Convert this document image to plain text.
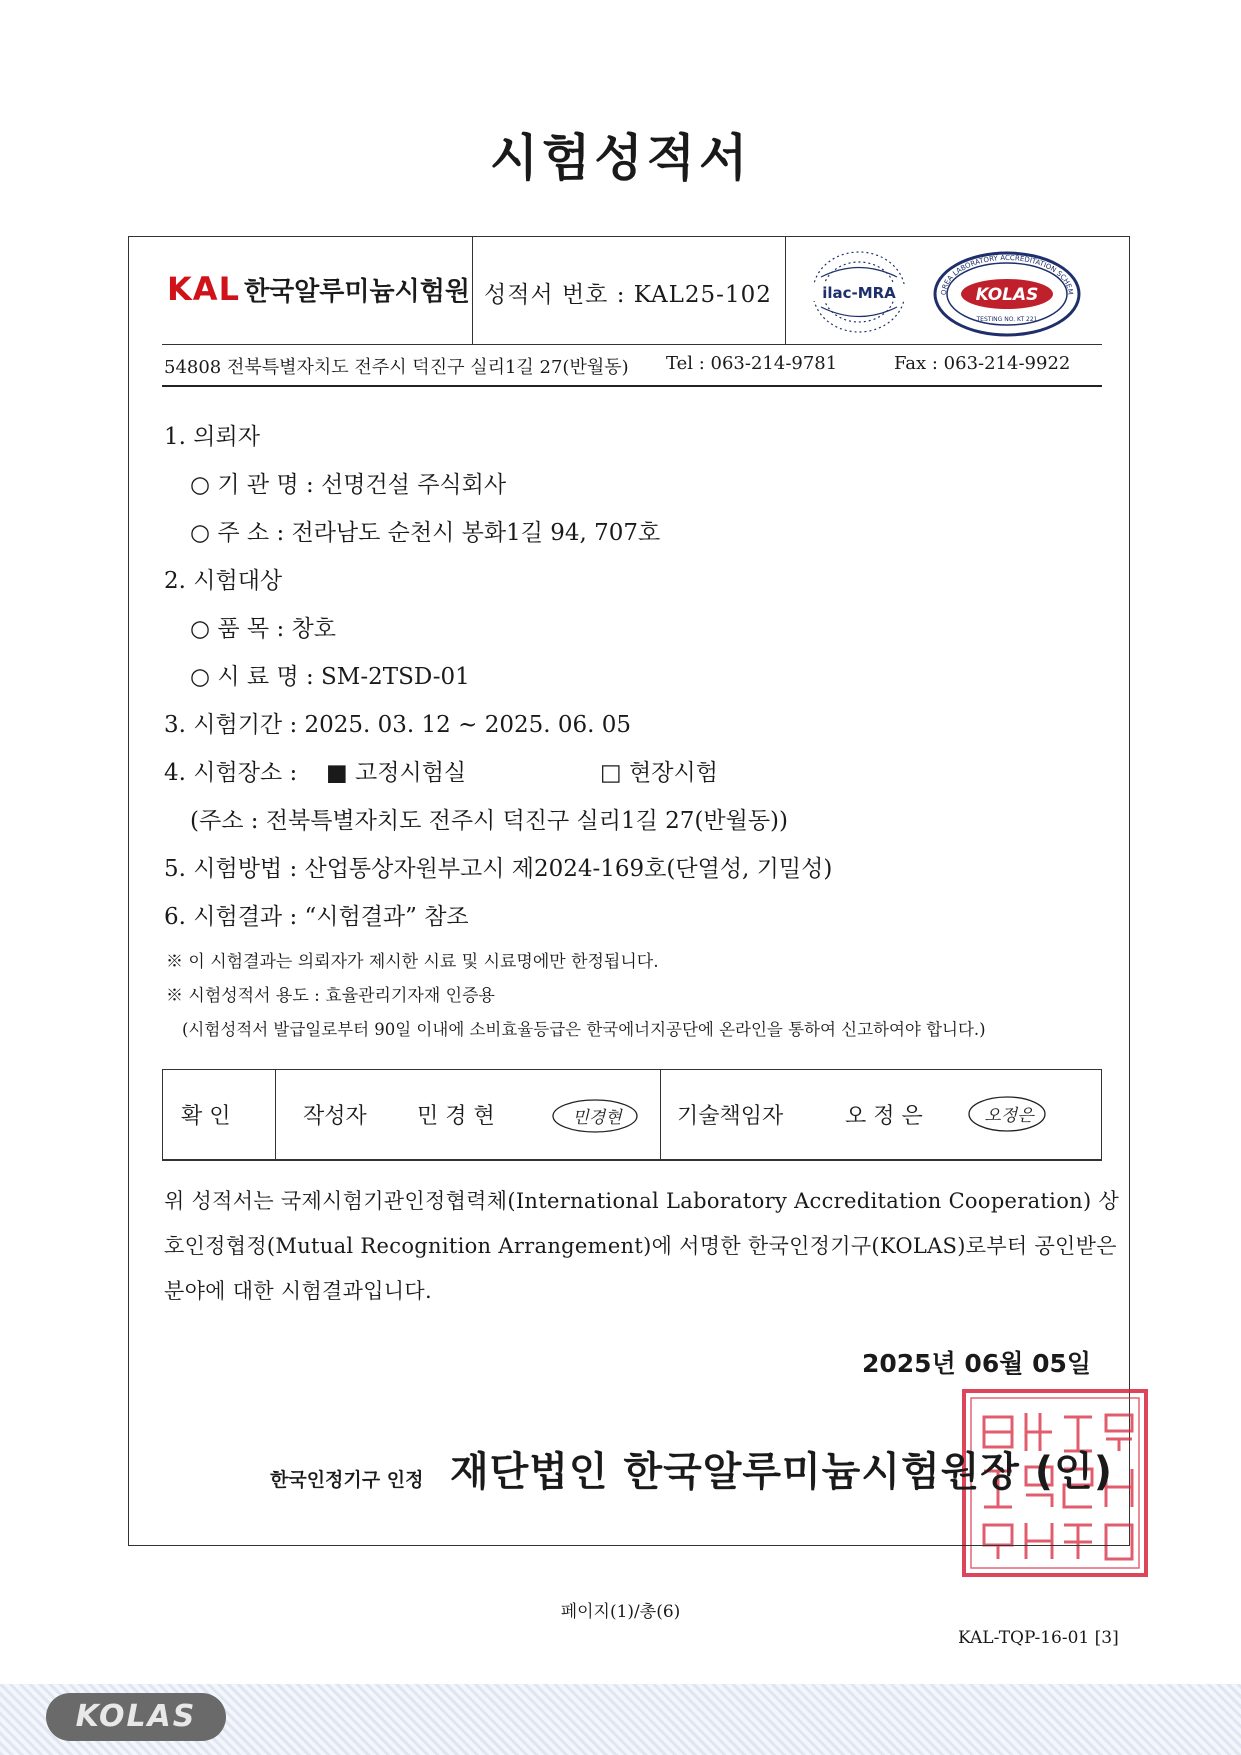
시험성적서
KAL 한국알루미늄시험원 성적서 번호 : KAL25-102	ilac-MRA	OREA LABORATORY ACCREDITATION SCHEM
KOLAS
TESTING NO. KT 221
54808 전북특별자치도 전주시 덕진구 실리1길 27(반월동) Tel : 063-214-9781	Fax : 063-214-9922
1. 의뢰자
○ 기 관 명 : 선명건설 주식회사
○ 주 소 : 전라남도 순천시 봉화1길 94, 707호
2. 시험대상
○ 품 목 : 창호
○ 시 료 명 : SM-2TSD-01
3. 시험기간 : 2025. 03. 12 ~ 2025. 06. 05
4. 시험장소 : ■ 고정시험실	□ 현장시험
(주소 : 전북특별자치도 전주시 덕진구 실리1길 27(반월동))
5. 시험방법 : 산업통상자원부고시 제2024-169호(단열성, 기밀성)
6. 시험결과 : “시험결과” 참조
※ 이 시험결과는 의뢰자가 제시한 시료 및 시료명에만 한정됩니다.
※ 시험성적서 용도 : 효율관리기자재 인증용
(시험성적서 발급일로부터 90일 이내에 소비효율등급은 한국에너지공단에 온라인을 통하여 신고하여야 합니다.)
확 인	작성자 민 경 현	민경현	기술책임자	오 정 은	오정은
위 성적서는 국제시험기관인정협력체(International Laboratory Accreditation Cooperation) 상
호인정협정(Mutual Recognition Arrangement)에 서명한 한국인정기구(KOLAS)로부터 공인받은
분야에 대한 시험결과입니다.
2025년 06월 05일
한국인정기구 인정 재단법인 한국알루미늄시험원장 (인)
페이지(1)/총(6)
KAL-TQP-16-01 [3]
KOLAS
